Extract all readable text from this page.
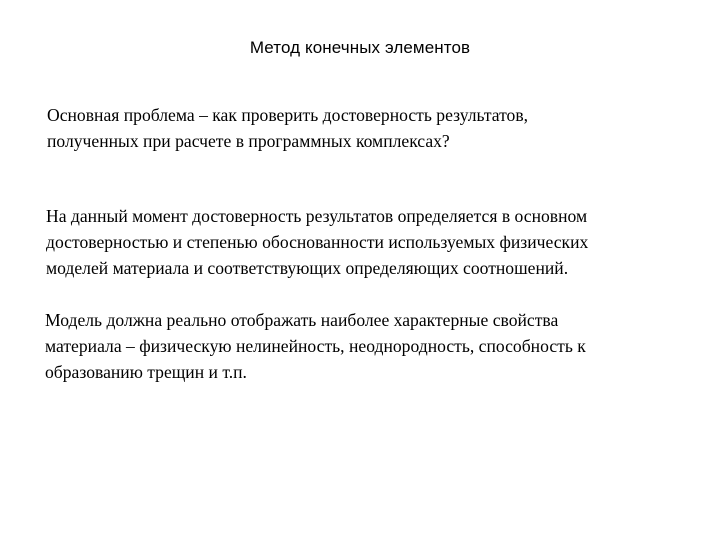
Метод конечных элементов

Основная проблема – как проверить достоверность результатов,
полученных при расчете в программных комплексах?

На данный момент достоверность результатов определяется в основном
достоверностью и степенью обоснованности используемых физических
моделей материала и соответствующих определяющих соотношений.

Модель должна реально отображать наиболее характерные свойства
материала – физическую нелинейность, неоднородность, способность к
образованию трещин и т.п.
